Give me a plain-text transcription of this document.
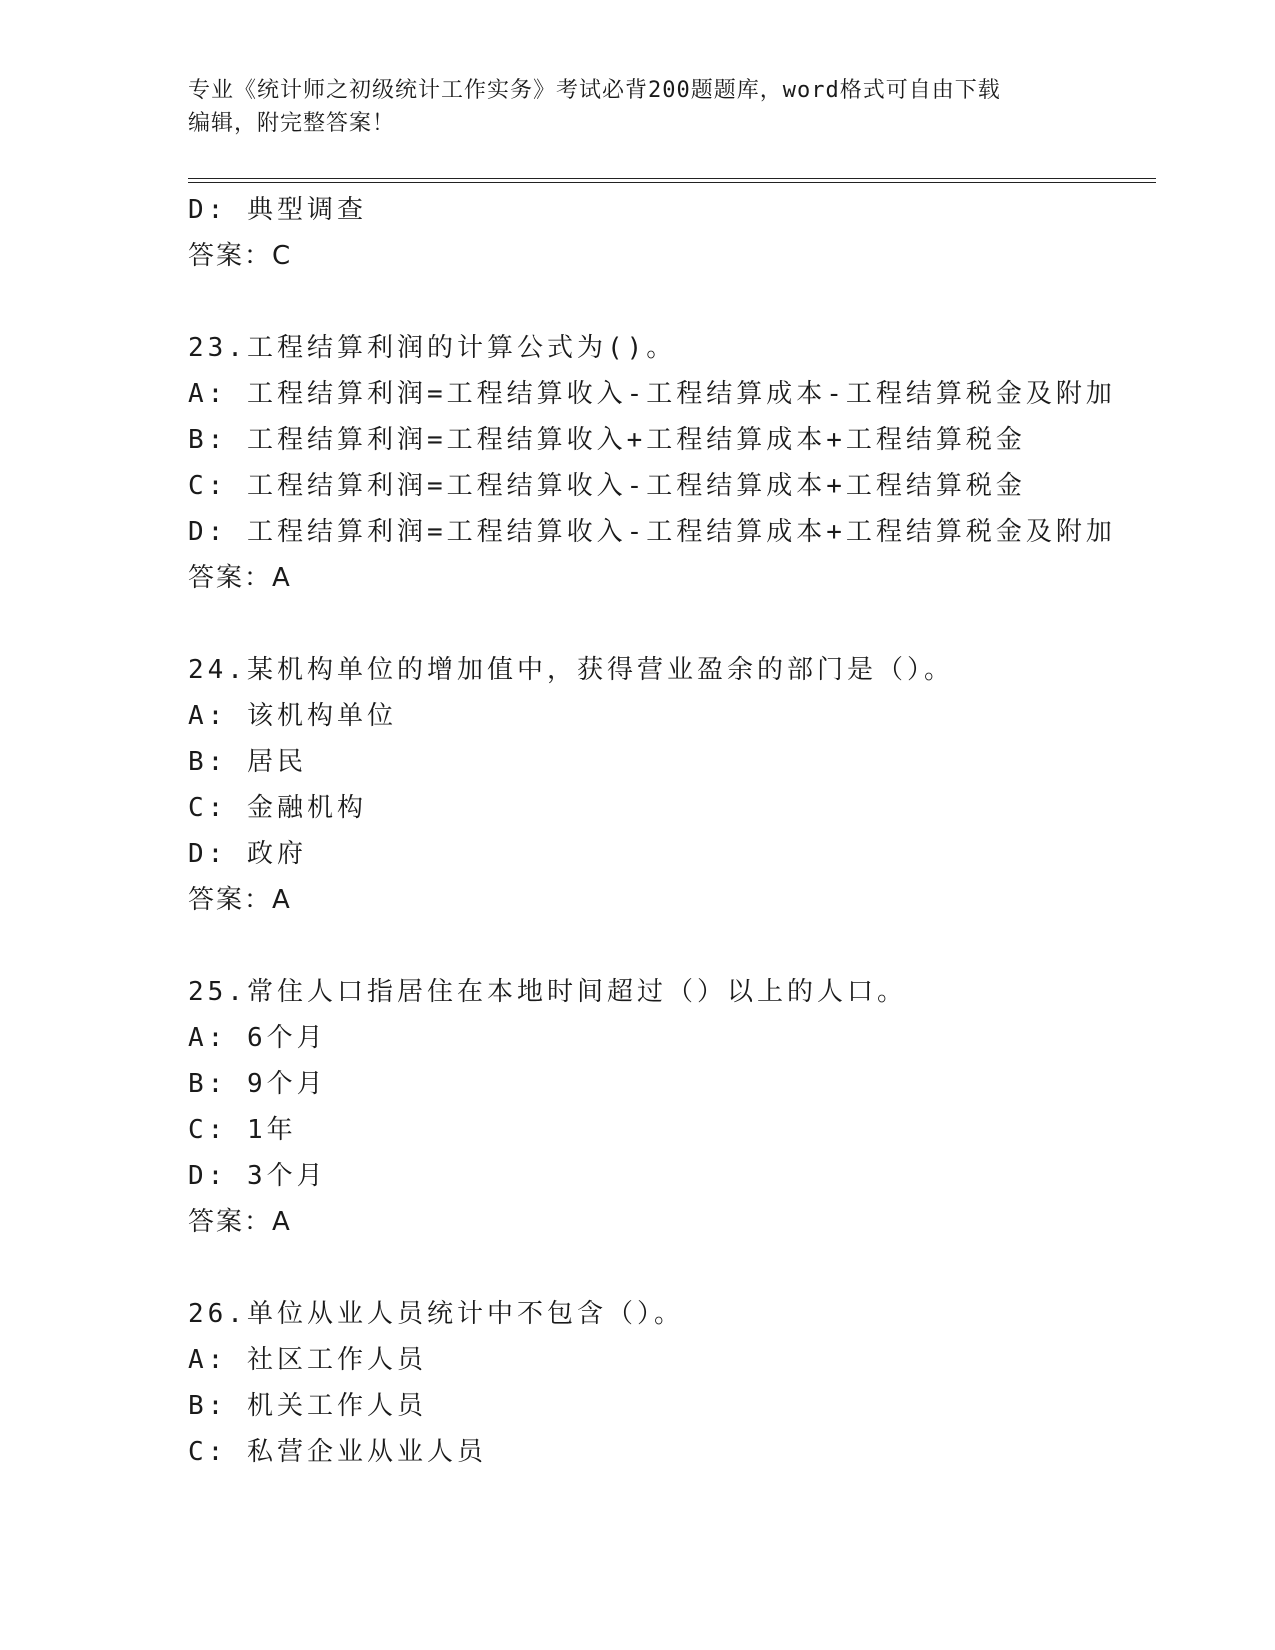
专业《统计师之初级统计工作实务》考试必背200题题库，word格式可自由下载
编辑，附完整答案！
D: 典型调查
答案：C
23.工程结算利润的计算公式为()。
A: 工程结算利润=工程结算收入-工程结算成本-工程结算税金及附加
B: 工程结算利润=工程结算收入+工程结算成本+工程结算税金
C: 工程结算利润=工程结算收入-工程结算成本+工程结算税金
D: 工程结算利润=工程结算收入-工程结算成本+工程结算税金及附加
答案：A
24.某机构单位的增加值中，获得营业盈余的部门是（）。
A: 该机构单位
B: 居民
C: 金融机构
D: 政府
答案：A
25.常住人口指居住在本地时间超过（）以上的人口。
A: 6个月
B: 9个月
C: 1年
D: 3个月
答案：A
26.单位从业人员统计中不包含（）。
A: 社区工作人员
B: 机关工作人员
C: 私营企业从业人员
